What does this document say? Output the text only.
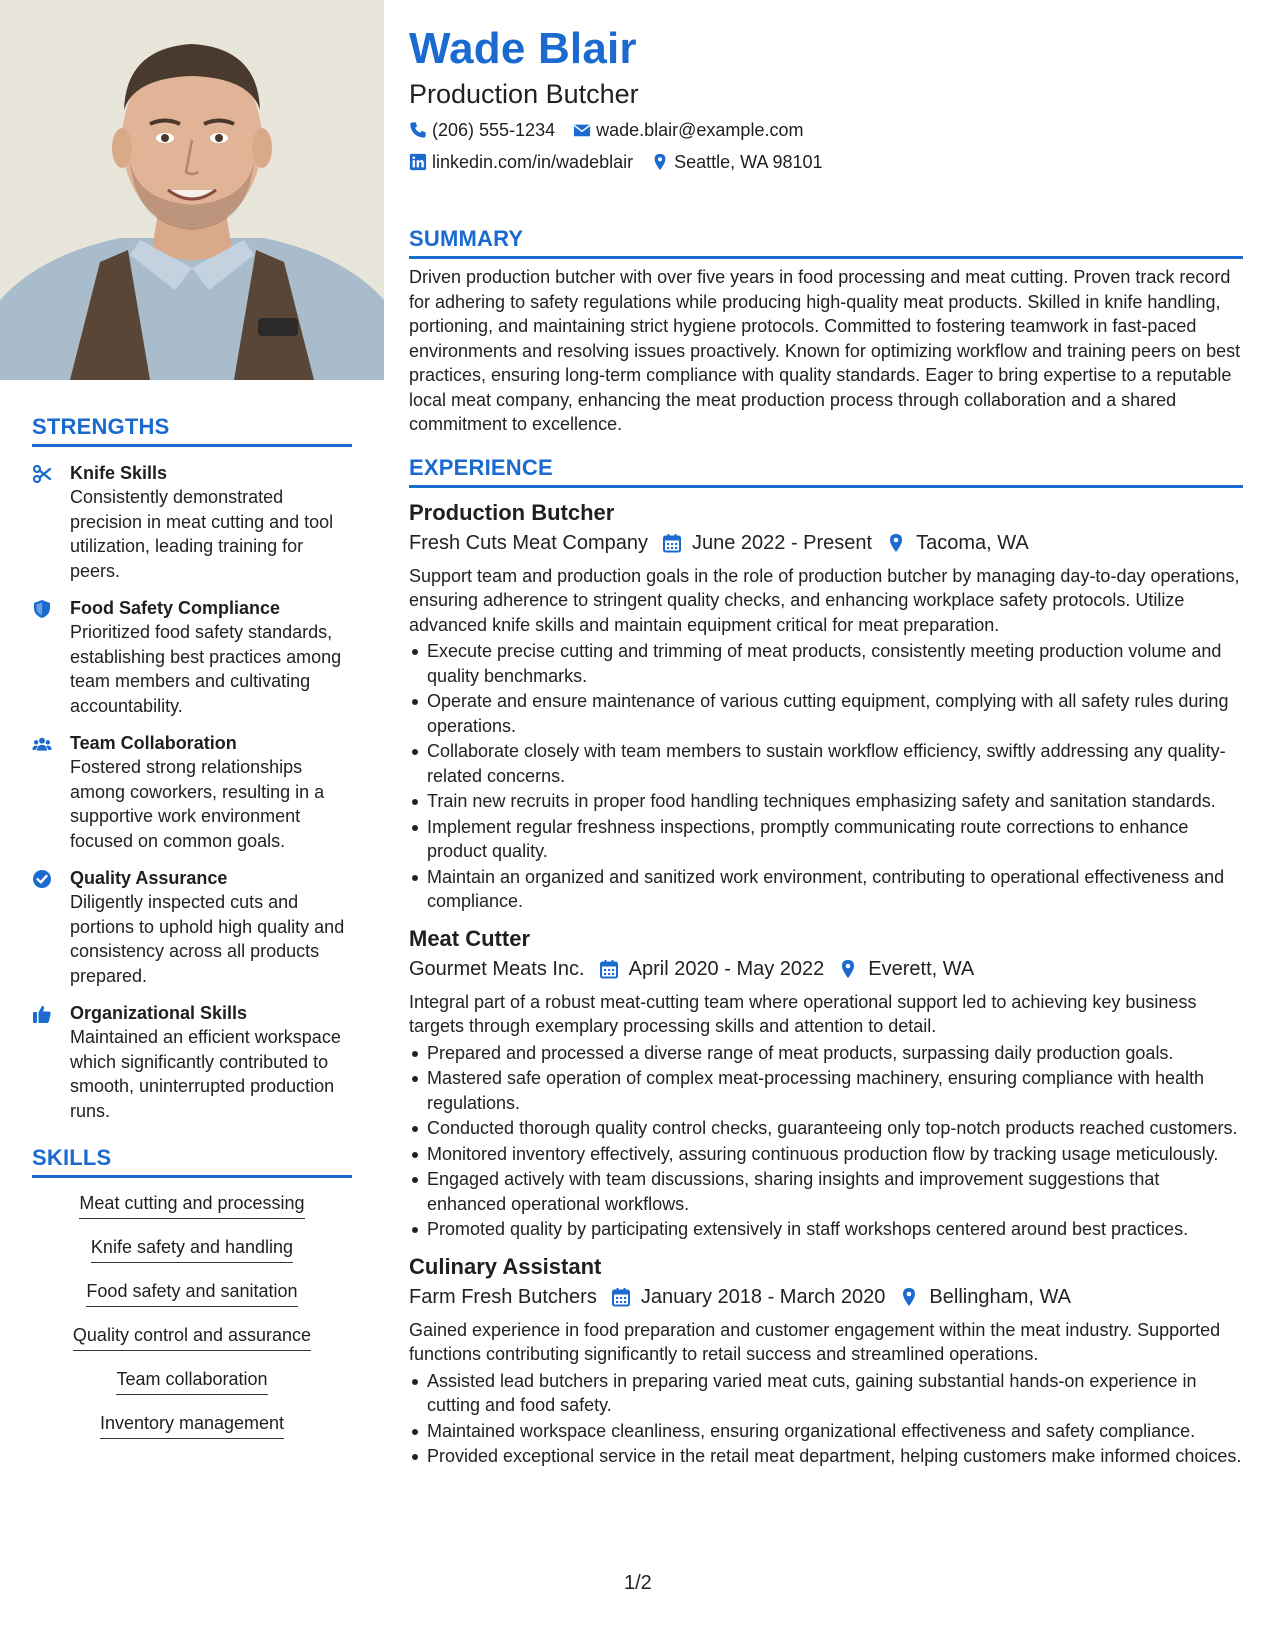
STRENGTHS
Knife Skills
Consistently demonstrated precision in meat cutting and tool utilization, leading training for peers.
Food Safety Compliance
Prioritized food safety standards, establishing best practices among team members and cultivating accountability.
Team Collaboration
Fostered strong relationships among coworkers, resulting in a supportive work environment focused on common goals.
Quality Assurance
Diligently inspected cuts and portions to uphold high quality and consistency across all products prepared.
Organizational Skills
Maintained an efficient workspace which significantly contributed to smooth, uninterrupted production runs.
SKILLS
Meat cutting and processing
Knife safety and handling
Food safety and sanitation
Quality control and assurance
Team collaboration
Inventory management
Wade Blair
Production Butcher
(206) 555-1234 wade.blair@example.com
linkedin.com/in/wadeblair Seattle, WA 98101
SUMMARY
Driven production butcher with over five years in food processing and meat cutting. Proven track record for adhering to safety regulations while producing high-quality meat products. Skilled in knife handling, portioning, and maintaining strict hygiene protocols. Committed to fostering teamwork in fast-paced environments and resolving issues proactively. Known for optimizing workflow and training peers on best practices, ensuring long-term compliance with quality standards. Eager to bring expertise to a reputable local meat company, enhancing the meat production process through collaboration and a shared commitment to excellence.
EXPERIENCE
Production Butcher
Fresh Cuts Meat Company June 2022 - Present Tacoma, WA
Support team and production goals in the role of production butcher by managing day-to-day operations, ensuring adherence to stringent quality checks, and enhancing workplace safety protocols. Utilize advanced knife skills and maintain equipment critical for meat preparation.
Execute precise cutting and trimming of meat products, consistently meeting production volume and quality benchmarks.
Operate and ensure maintenance of various cutting equipment, complying with all safety rules during operations.
Collaborate closely with team members to sustain workflow efficiency, swiftly addressing any quality-related concerns.
Train new recruits in proper food handling techniques emphasizing safety and sanitation standards.
Implement regular freshness inspections, promptly communicating route corrections to enhance product quality.
Maintain an organized and sanitized work environment, contributing to operational effectiveness and compliance.
Meat Cutter
Gourmet Meats Inc. April 2020 - May 2022 Everett, WA
Integral part of a robust meat-cutting team where operational support led to achieving key business targets through exemplary processing skills and attention to detail.
Prepared and processed a diverse range of meat products, surpassing daily production goals.
Mastered safe operation of complex meat-processing machinery, ensuring compliance with health regulations.
Conducted thorough quality control checks, guaranteeing only top-notch products reached customers.
Monitored inventory effectively, assuring continuous production flow by tracking usage meticulously.
Engaged actively with team discussions, sharing insights and improvement suggestions that enhanced operational workflows.
Promoted quality by participating extensively in staff workshops centered around best practices.
Culinary Assistant
Farm Fresh Butchers January 2018 - March 2020 Bellingham, WA
Gained experience in food preparation and customer engagement within the meat industry. Supported functions contributing significantly to retail success and streamlined operations.
Assisted lead butchers in preparing varied meat cuts, gaining substantial hands-on experience in cutting and food safety.
Maintained workspace cleanliness, ensuring organizational effectiveness and safety compliance.
Provided exceptional service in the retail meat department, helping customers make informed choices.
1/2
